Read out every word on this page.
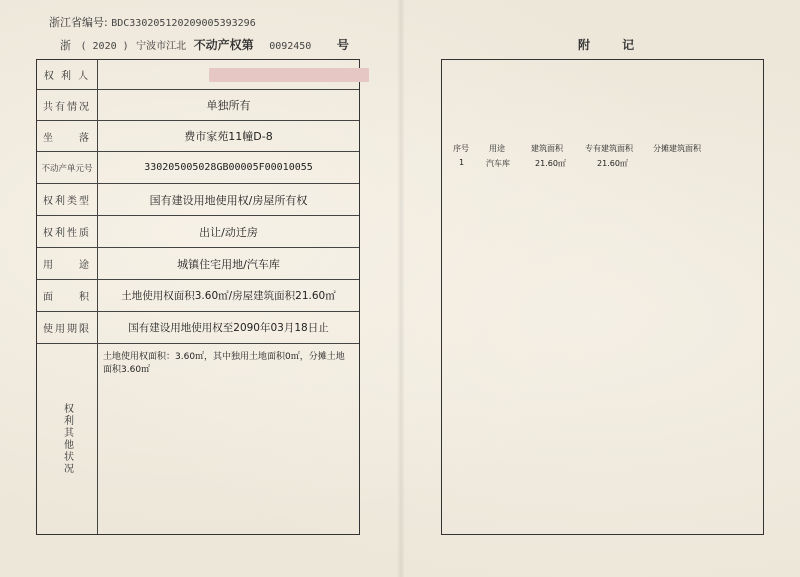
浙江省编号: BDC33020512020900539329​6
浙 ( 2020 ) 宁波市江北 不动产权第 0092450 号
权 利 人
共有情况	单独所有
坐　　落	费市家苑11幢D-8
不动产单元号	330205005028GB00005F00010055
权利类型	国有建设用地使用权/房屋所有权
权利性质	出让/动迁房
用　　途	城镇住宅用地/汽车库
面　　积	土地使用权面积3.60㎡/房屋建筑面积21.60㎡
使用期限	国有建设用地使用权至2090年03月18日止
权利其他状况
土地使用权面积：3.60㎡，其中独用土地面积0㎡，分摊土地面积3.60㎡
附 记
序号	用途	建筑面积	专有建筑面积	分摊建筑面积
1	汽车库	21.60㎡	21.60㎡
